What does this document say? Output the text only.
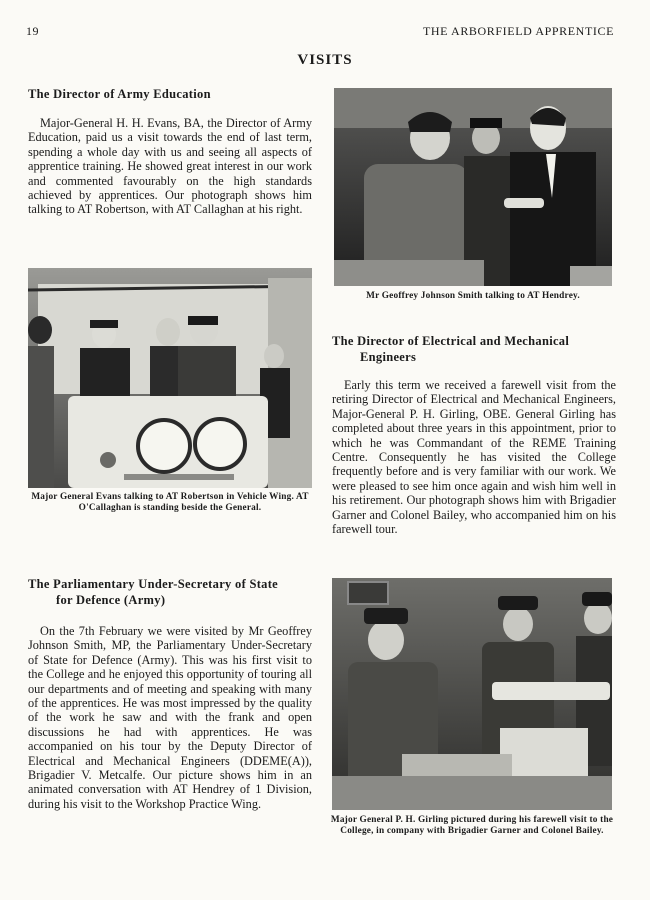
19	THE ARBORFIELD APPRENTICE
VISITS
The Director of Army Education

Major-General H. H. Evans, BA, the Director of Army Education, paid us a visit towards the end of last term, spending a whole day with us and seeing all aspects of apprentice training. He showed great interest in our work and commented favourably on the high standards achieved by apprentices. Our photograph shows him talking to AT Robertson, with AT Callaghan at his right.

Major General Evans talking to AT Robertson in Vehicle Wing. AT O'Callaghan is standing beside the General.
The Parliamentary Under-Secretary of State
for Defence (Army)

On the 7th February we were visited by Mr Geoffrey Johnson Smith, MP, the Parliamentary Under-Secretary of State for Defence (Army). This was his first visit to the College and he enjoyed this opportunity of touring all our departments and of meeting and speaking with many of the apprentices. He was most impressed by the quality of the work he saw and with the frank and open discussions he had with apprentices. He was accompanied on his tour by the Deputy Director of Electrical and Mechanical Engineers (DDEME(A)), Brigadier V. Metcalfe. Our picture shows him in an animated conversation with AT Hendrey of 1 Division, during his visit to the Workshop Practice Wing.

Mr Geoffrey Johnson Smith talking to AT Hendrey.
The Director of Electrical and Mechanical
Engineers

Early this term we received a farewell visit from the retiring Director of Electrical and Mechanical Engineers, Major-General P. H. Girling, OBE. General Girling has completed about three years in this appointment, prior to which he was Commandant of the REME Training Centre. Consequently he has visited the College frequently before and is very familiar with our work. We were pleased to see him once again and wish him well in his retirement. Our photograph shows him with Brigadier Garner and Colonel Bailey, who accompanied him on his farewell tour.

Major General P. H. Girling pictured during his farewell visit to the College, in company with Brigadier Garner and Colonel Bailey.
